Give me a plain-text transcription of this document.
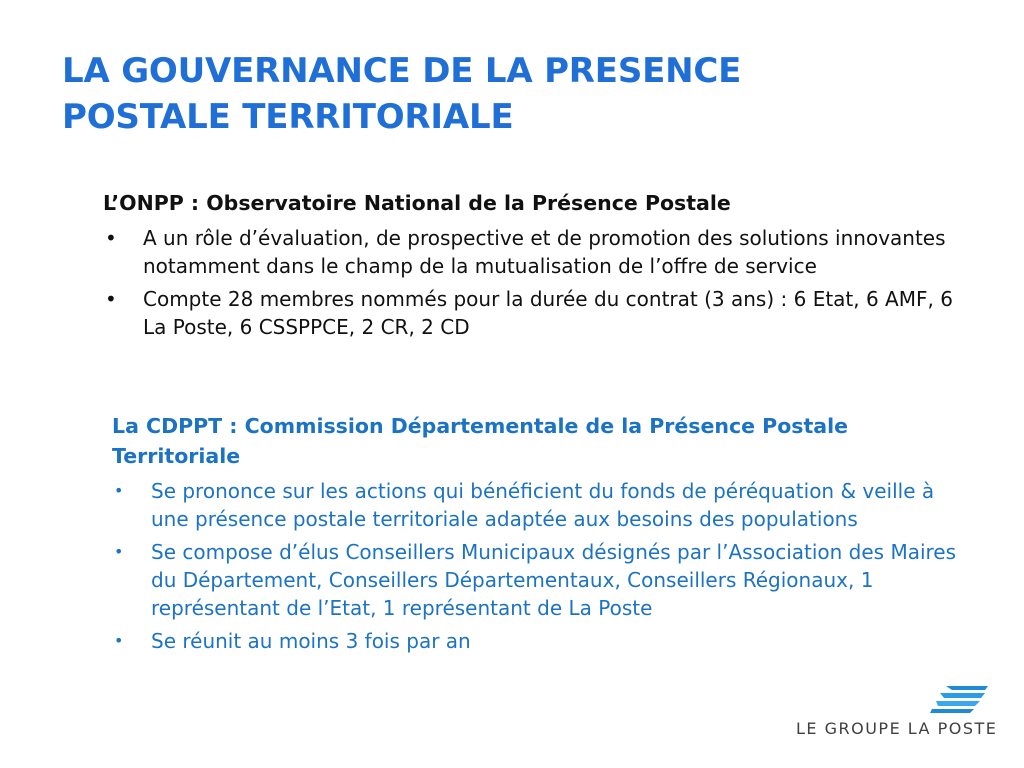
LA GOUVERNANCE DE LA PRESENCE
POSTALE TERRITORIALE
L’ONPP : Observatoire National de la Présence Postale
•	A un rôle d’évaluation, de prospective et de promotion des solutions innovantes notamment dans le champ de la mutualisation de l’offre de service
•	Compte 28 membres nommés pour la durée du contrat (3 ans) : 6 Etat, 6 AMF, 6 La Poste, 6 CSSPPCE, 2 CR, 2 CD
La CDPPT : Commission Départementale de la Présence Postale Territoriale
•	Se prononce sur les actions qui bénéficient du fonds de péréquation & veille à une présence postale territoriale adaptée aux besoins des populations
•	Se compose d’élus Conseillers Municipaux désignés par l’Association des Maires du Département, Conseillers Départementaux, Conseillers Régionaux, 1 représentant de l’Etat, 1 représentant de La Poste
•	Se réunit au moins 3 fois par an
LE GROUPE LA POSTE
